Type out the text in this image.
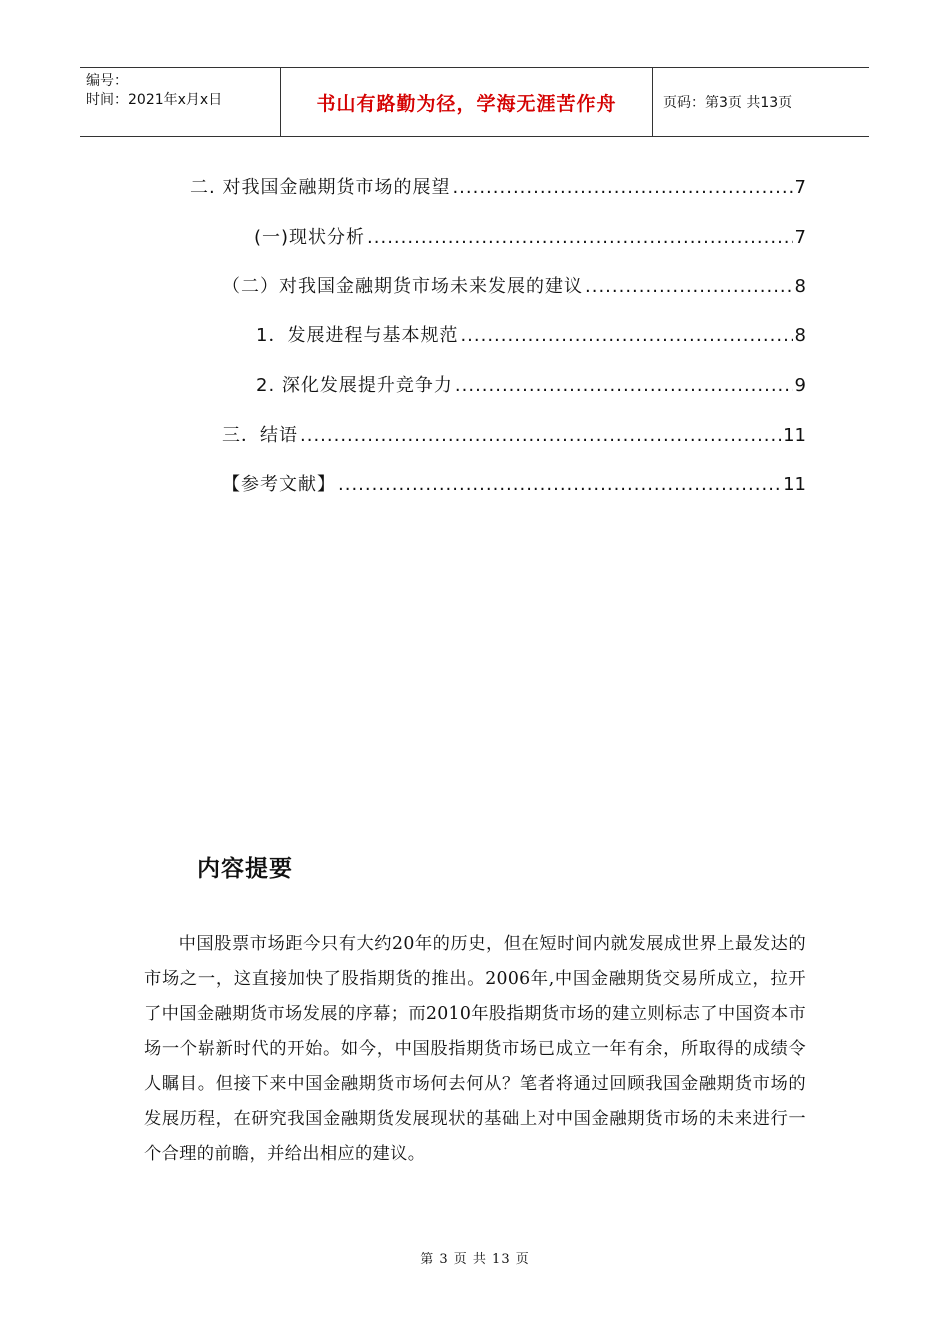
编号：
时间：2021年x月x日	书山有路勤为径，学海无涯苦作舟	页码：第3页 共13页
二. 对我国金融期货市场的展望 .....	7
(一)现状分析 .....	7
（二）对我国金融期货市场未来发展的建议 .....	8
1．发展进程与基本规范 .....	8
2. 深化发展提升竞争力 .....	9
三．结语 .....	11
【参考文献】 .....	11
内容提要
中国股票市场距今只有大约20年的历史，但在短时间内就发展成世界上最发达的市场之一，这直接加快了股指期货的推出。2006年,中国金融期货交易所成立，拉开了中国金融期货市场发展的序幕；而2010年股指期货市场的建立则标志了中国资本市场一个崭新时代的开始。如今，中国股指期货市场已成立一年有余，所取得的成绩令人瞩目。但接下来中国金融期货市场何去何从？笔者将通过回顾我国金融期货市场的发展历程，在研究我国金融期货发展现状的基础上对中国金融期货市场的未来进行一个合理的前瞻，并给出相应的建议。
第 3 页 共 13 页
